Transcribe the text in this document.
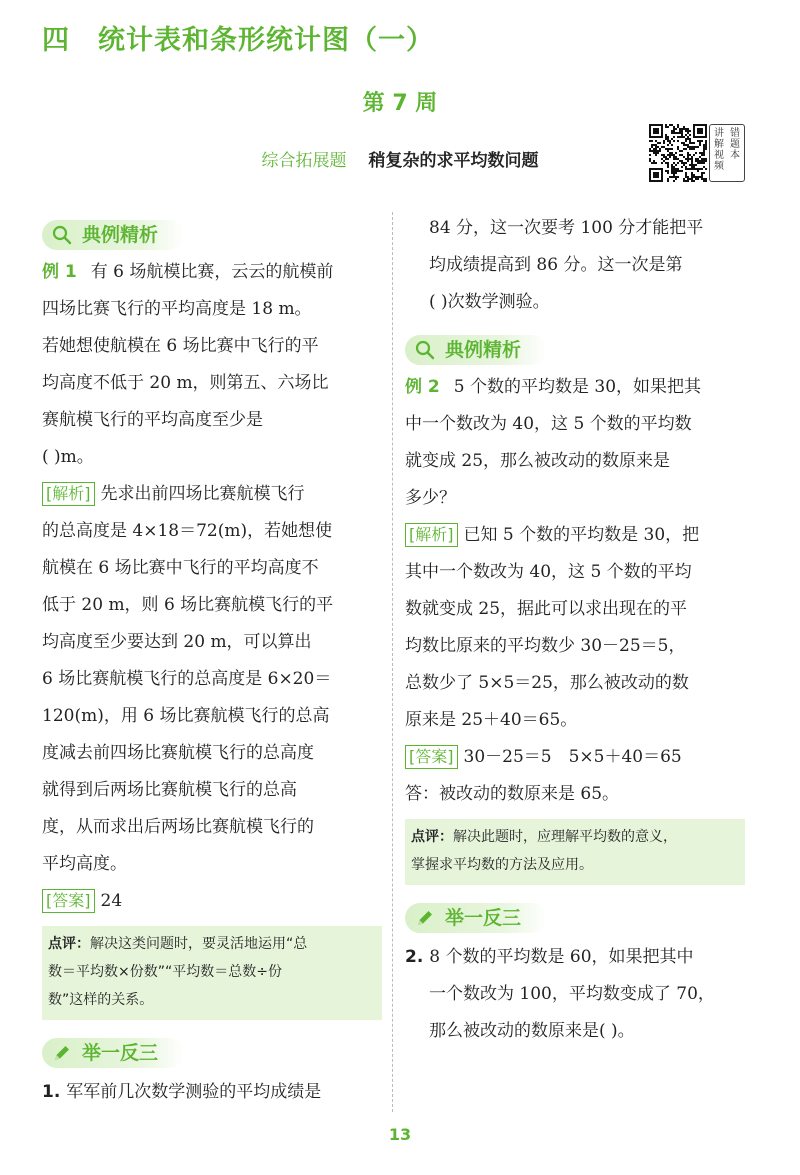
四 统计表和条形统计图（一）
第 7 周
综合拓展题 稍复杂的求平均数问题
讲解视频
错题本
典例精析

例 1 有 6 场航模比赛，云云的航模前

四场比赛飞行的平均高度是 18 m。

若她想使航模在 6 场比赛中飞行的平

均高度不低于 20 m，则第五、六场比

赛航模飞行的平均高度至少是

( )m。

[解析] 先求出前四场比赛航模飞行

的总高度是 4×18＝72(m)，若她想使

航模在 6 场比赛中飞行的平均高度不

低于 20 m，则 6 场比赛航模飞行的平

均高度至少要达到 20 m，可以算出

6 场比赛航模飞行的总高度是 6×20＝

120(m)，用 6 场比赛航模飞行的总高

度减去前四场比赛航模飞行的总高度

就得到后两场比赛航模飞行的总高

度，从而求出后两场比赛航模飞行的

平均高度。

[答案] 24

点评：解决这类问题时，要灵活地运用“总
数＝平均数×份数”“平均数＝总数÷份
数”这样的关系。
举一反三

1. 军军前几次数学测验的平均成绩是

84 分，这一次要考 100 分才能把平

均成绩提高到 86 分。这一次是第

( )次数学测验。

典例精析

例 2 5 个数的平均数是 30，如果把其

中一个数改为 40，这 5 个数的平均数

就变成 25，那么被改动的数原来是

多少？

[解析] 已知 5 个数的平均数是 30，把

其中一个数改为 40，这 5 个数的平均

数就变成 25，据此可以求出现在的平

均数比原来的平均数少 30－25＝5，

总数少了 5×5＝25，那么被改动的数

原来是 25＋40＝65。

[答案] 30－25＝5　5×5＋40＝65

答：被改动的数原来是 65。

点评：解决此题时，应理解平均数的意义，
掌握求平均数的方法及应用。
举一反三

2. 8 个数的平均数是 60，如果把其中

一个数改为 100，平均数变成了 70，

那么被改动的数原来是( )。

13
